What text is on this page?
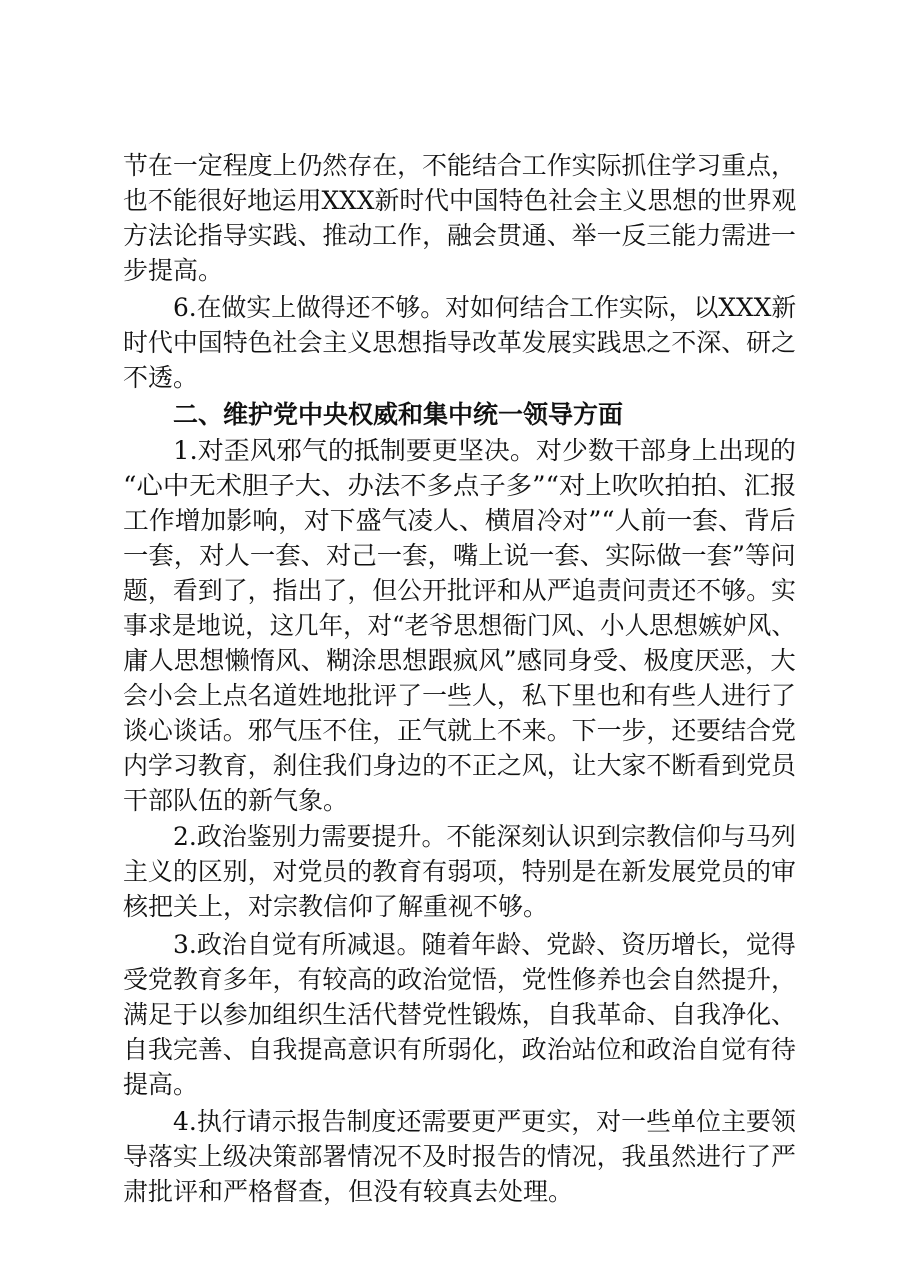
节在一定程度上仍然存在，不能结合工作实际抓住学习重点，
也不能很好地运用XXX新时代中国特色社会主义思想的世界观
方法论指导实践、推动工作，融会贯通、举一反三能力需进一
步提高。
6.在做实上做得还不够。对如何结合工作实际，以XXX新
时代中国特色社会主义思想指导改革发展实践思之不深、研之
不透。
二、维护党中央权威和集中统一领导方面
1.对歪风邪气的抵制要更坚决。对少数干部身上出现的
“心中无术胆子大、办法不多点子多”“对上吹吹拍拍、汇报
工作增加影响，对下盛气凌人、横眉冷对”“人前一套、背后
一套，对人一套、对己一套，嘴上说一套、实际做一套”等问
题，看到了，指出了，但公开批评和从严追责问责还不够。实
事求是地说，这几年，对“老爷思想衙门风、小人思想嫉妒风、
庸人思想懒惰风、糊涂思想跟疯风”感同身受、极度厌恶，大
会小会上点名道姓地批评了一些人，私下里也和有些人进行了
谈心谈话。邪气压不住，正气就上不来。下一步，还要结合党
内学习教育，刹住我们身边的不正之风，让大家不断看到党员
干部队伍的新气象。
2.政治鉴别力需要提升。不能深刻认识到宗教信仰与马列
主义的区别，对党员的教育有弱项，特别是在新发展党员的审
核把关上，对宗教信仰了解重视不够。
3.政治自觉有所减退。随着年龄、党龄、资历增长，觉得
受党教育多年，有较高的政治觉悟，党性修养也会自然提升，
满足于以参加组织生活代替党性锻炼，自我革命、自我净化、
自我完善、自我提高意识有所弱化，政治站位和政治自觉有待
提高。
4.执行请示报告制度还需要更严更实，对一些单位主要领
导落实上级决策部署情况不及时报告的情况，我虽然进行了严
肃批评和严格督查，但没有较真去处理。
